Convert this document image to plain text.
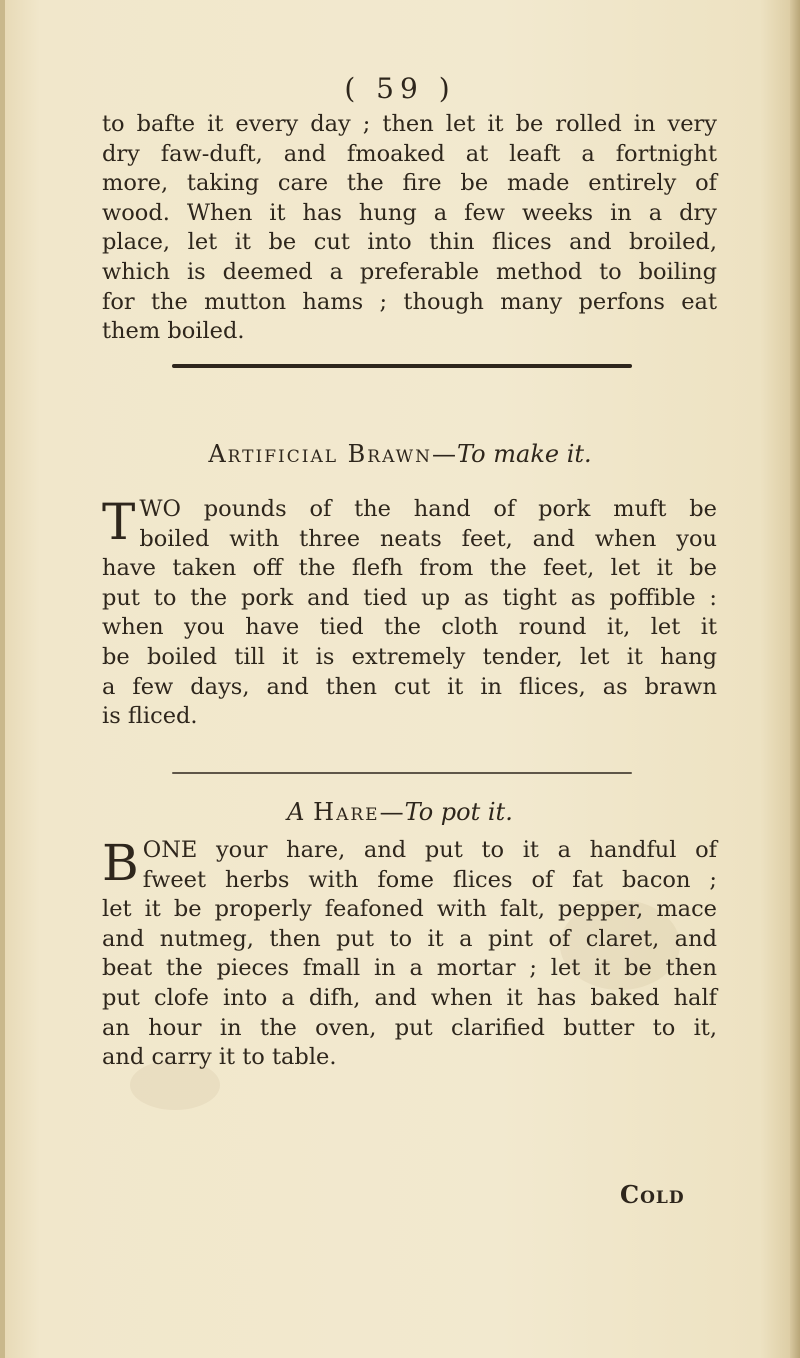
( 59 )
to bafte it every day ; then let it be rolled in very
dry faw-duft, and fmoaked at leaft a fortnight
more, taking care the fire be made entirely of
wood. When it has hung a few weeks in a dry
place, let it be cut into thin flices and broiled,
which is deemed a preferable method to boiling
for the mutton hams ; though many perfons eat
them boiled.
Artificial Brawn—To make it.
T WO pounds of the hand of pork muft be
boiled with three neats feet, and when you
have taken off the flefh from the feet, let it be
put to the pork and tied up as tight as poffible :
when you have tied the cloth round it, let it
be boiled till it is extremely tender, let it hang
a few days, and then cut it in flices, as brawn
is fliced.
A Hare—To pot it.
B ONE your hare, and put to it a handful of
fweet herbs with fome flices of fat bacon ;
let it be properly feafoned with falt, pepper, mace
and nutmeg, then put to it a pint of claret, and
beat the pieces fmall in a mortar ; let it be then
put clofe into a difh, and when it has baked half
an hour in the oven, put clarified butter to it,
and carry it to table.
Cold
